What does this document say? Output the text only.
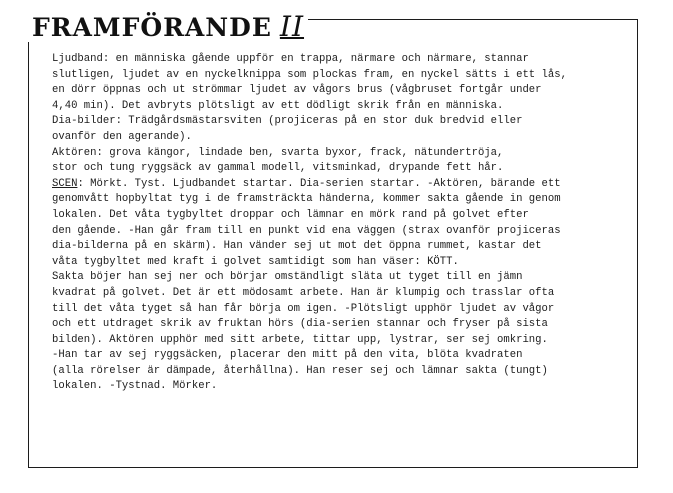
FRAMFÖRANDE II
Ljudband: en människa gående uppför en trappa, närmare och närmare, stannar
slutligen, ljudet av en nyckelknippa som plockas fram, en nyckel sätts i ett lås,
en dörr öppnas och ut strömmar ljudet av vågors brus (vågbruset fortgår under
4,40 min). Det avbryts plötsligt av ett dödligt skrik från en människa.
Dia-bilder: Trädgårdsmästarsviten (projiceras på en stor duk bredvid eller
ovanför den agerande).
Aktören: grova kängor, lindade ben, svarta byxor, frack, nätundertröja,
stor och tung ryggsäck av gammal modell, vitsminkad, drypande fett hår.
SCEN: Mörkt. Tyst. Ljudbandet startar. Dia-serien startar. -Aktören, bärande ett
genomvått hopbyltat tyg i de framsträckta händerna, kommer sakta gående in genom
lokalen. Det våta tygbyltet droppar och lämnar en mörk rand på golvet efter
den gående. -Han går fram till en punkt vid ena väggen (strax ovanför projiceras
dia-bilderna på en skärm). Han vänder sej ut mot det öppna rummet, kastar det
våta tygbyltet med kraft i golvet samtidigt som han väser: KÖTT.
Sakta böjer han sej ner och börjar omständligt släta ut tyget till en jämn
kvadrat på golvet. Det är ett mödosamt arbete. Han är klumpig och trasslar ofta
till det våta tyget så han får börja om igen. -Plötsligt upphör ljudet av vågor
och ett utdraget skrik av fruktan hörs (dia-serien stannar och fryser på sista
bilden). Aktören upphör med sitt arbete, tittar upp, lystrar, ser sej omkring.
-Han tar av sej ryggsäcken, placerar den mitt på den vita, blöta kvadraten
(alla rörelser är dämpade, återhållna). Han reser sej och lämnar sakta (tungt)
lokalen. -Tystnad. Mörker.
